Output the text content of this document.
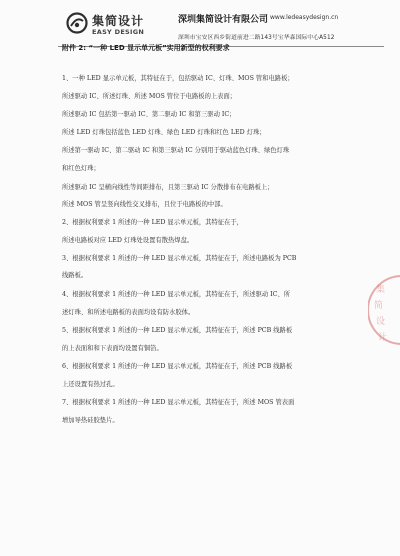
集简设计
EASY DESIGN
深圳集简设计有限公司 www.ledeasydesign.cn
深圳市宝安区西乡街道前进二路143号宝华森国际中心A512
附件 2: “一种 LED 显示单元板”实用新型的权利要求
1、一种 LED 显示单元板，其特征在于，包括驱动 IC、灯珠、MOS 管和电路板；
所述驱动 IC、所述灯珠、所述 MOS 管位于电路板的上表面；
所述驱动 IC 包括第一驱动 IC、第二驱动 IC 和第三驱动 IC；
所述 LED 灯珠包括蓝色 LED 灯珠、绿色 LED 灯珠和红色 LED 灯珠；
所述第一驱动 IC、第二驱动 IC 和第三驱动 IC 分别用于驱动蓝色灯珠、绿色灯珠
和红色灯珠；
所述驱动 IC 呈横向线性等间距排布，且第三驱动 IC 分散排布在电路板上；
所述 MOS 管呈竖向线性交叉排布，且位于电路板的中部。
2、根据权利要求 1 所述的一种 LED 显示单元板，其特征在于，
所述电路板对应 LED 灯珠处设置有散热焊盘。
3、根据权利要求 1 所述的一种 LED 显示单元板，其特征在于，所述电路板为 PCB
线路板。
4、根据权利要求 1 所述的一种 LED 显示单元板，其特征在于，所述驱动 IC、所
述灯珠、和所述电路板的表面均设有防水胶体。
5、根据权利要求 1 所述的一种 LED 显示单元板，其特征在于，所述 PCB 线路板
的上表面和和下表面均设置有铜箔。
6、根据权利要求 1 所述的一种 LED 显示单元板，其特征在于，所述 PCB 线路板
上还设置有热过孔。
7、根据权利要求 1 所述的一种 LED 显示单元板，其特征在于，所述 MOS 管表面
增加导热硅胶垫片。
集
简
设
计
